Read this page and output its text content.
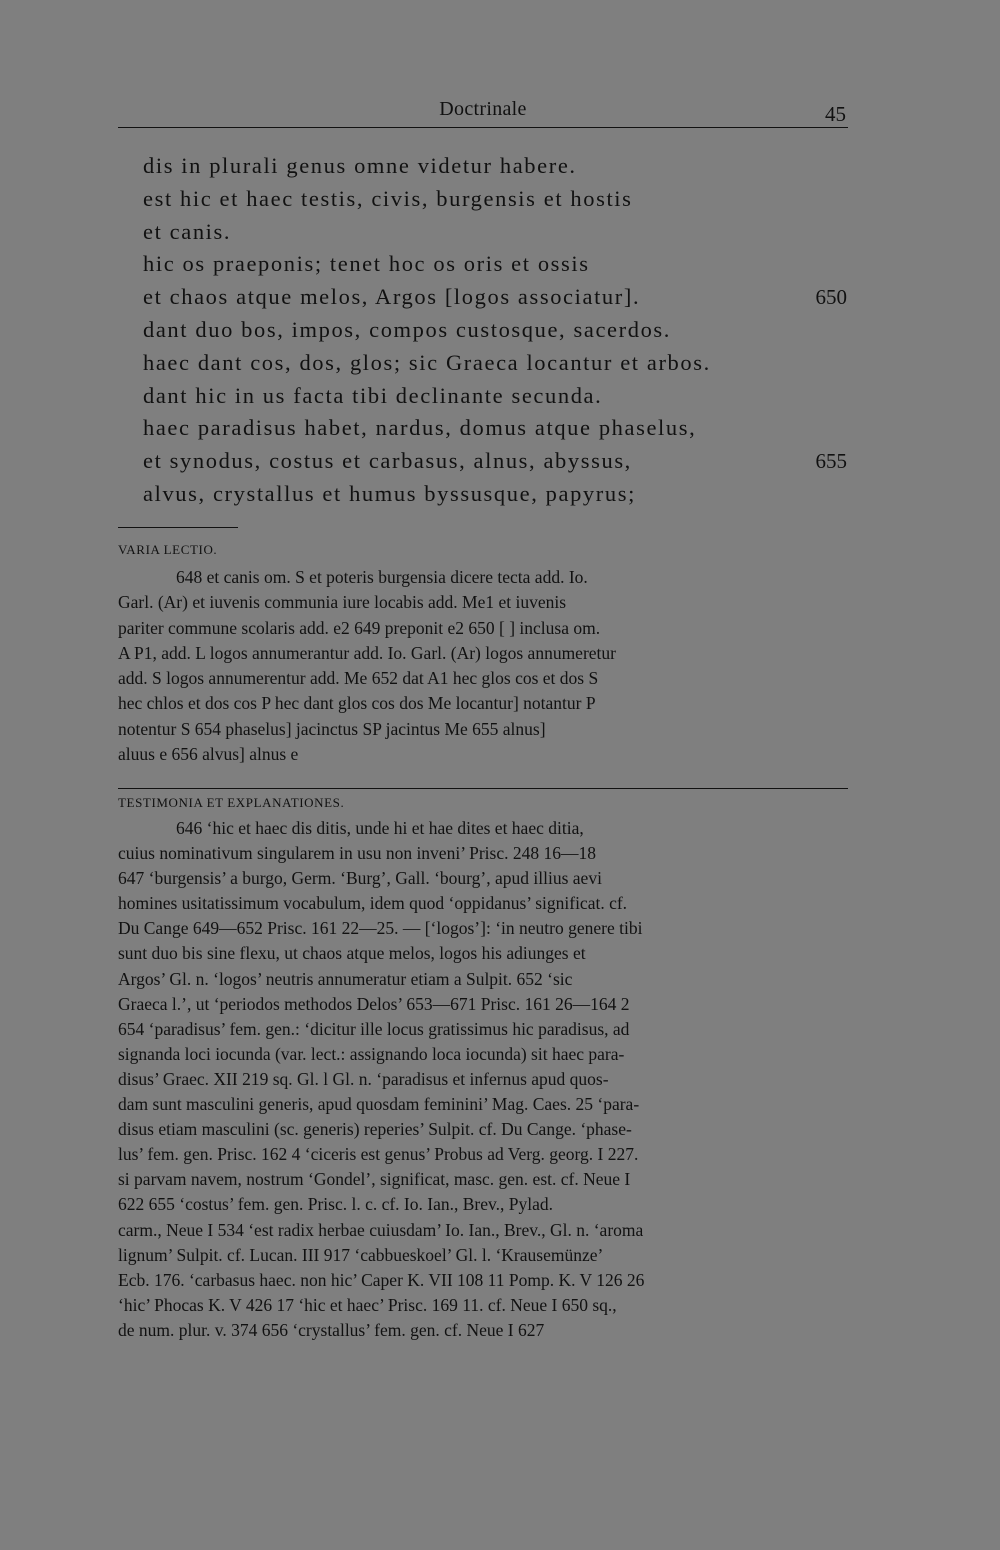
Doctrinale	45
dis in plurali genus omne videtur habere.
est hic et haec testis, civis, burgensis et hostis
et canis.
hic os praeponis; tenet hoc os oris et ossis
et chaos atque melos, Argos [logos associatur].	650
dant duo bos, impos, compos custosque, sacerdos.
haec dant cos, dos, glos; sic Graeca locantur et arbos.
dant hic in us facta tibi declinante secunda.
haec paradisus habet, nardus, domus atque phaselus,
et synodus, costus et carbasus, alnus, abyssus,	655
alvus, crystallus et humus byssusque, papyrus;
VARIA LECTIO.
648 et canis om. S et poteris burgensia dicere tecta add. Io.
Garl. (Ar) et iuvenis communia iure locabis add. Me1 et iuvenis
pariter commune scolaris add. e2 649 preponit e2 650 [ ] inclusa om.
A P1, add. L logos annumerantur add. Io. Garl. (Ar) logos annumeretur
add. S logos annumerentur add. Me 652 dat A1 hec glos cos et dos S
hec chlos et dos cos P hec dant glos cos dos Me locantur] notantur P
notentur S 654 phaselus] jacinctus SP jacintus Me 655 alnus]
aluus e 656 alvus] alnus e
TESTIMONIA ET EXPLANATIONES.
646 ‘hic et haec dis ditis, unde hi et hae dites et haec ditia,
cuius nominativum singularem in usu non inveni’ Prisc. 248 16—18
647 ‘burgensis’ a burgo, Germ. ‘Burg’, Gall. ‘bourg’, apud illius aevi
homines usitatissimum vocabulum, idem quod ‘oppidanus’ significat. cf.
Du Cange 649—652 Prisc. 161 22—25. — [‘logos’]: ‘in neutro genere tibi
sunt duo bis sine flexu, ut chaos atque melos, logos his adiunges et
Argos’ Gl. n. ‘logos’ neutris annumeratur etiam a Sulpit. 652 ‘sic
Graeca l.’, ut ‘periodos methodos Delos’ 653—671 Prisc. 161 26—164 2
654 ‘paradisus’ fem. gen.: ‘dicitur ille locus gratissimus hic paradisus, ad
signanda loci iocunda (var. lect.: assignando loca iocunda) sit haec para-
disus’ Graec. XII 219 sq. Gl. l Gl. n. ‘paradisus et infernus apud quos-
dam sunt masculini generis, apud quosdam feminini’ Mag. Caes. 25 ‘para-
disus etiam masculini (sc. generis) reperies’ Sulpit. cf. Du Cange. ‘phase-
lus’ fem. gen. Prisc. 162 4 ‘ciceris est genus’ Probus ad Verg. georg. I 227.
si parvam navem, nostrum ‘Gondel’, significat, masc. gen. est. cf. Neue I
622 655 ‘costus’ fem. gen. Prisc. l. c. cf. Io. Ian., Brev., Pylad.
carm., Neue I 534 ‘est radix herbae cuiusdam’ Io. Ian., Brev., Gl. n. ‘aroma
lignum’ Sulpit. cf. Lucan. III 917 ‘cabbueskoel’ Gl. l. ‘Krausemünze’
Ecb. 176. ‘carbasus haec. non hic’ Caper K. VII 108 11 Pomp. K. V 126 26
‘hic’ Phocas K. V 426 17 ‘hic et haec’ Prisc. 169 11. cf. Neue I 650 sq.,
de num. plur. v. 374 656 ‘crystallus’ fem. gen. cf. Neue I 627
